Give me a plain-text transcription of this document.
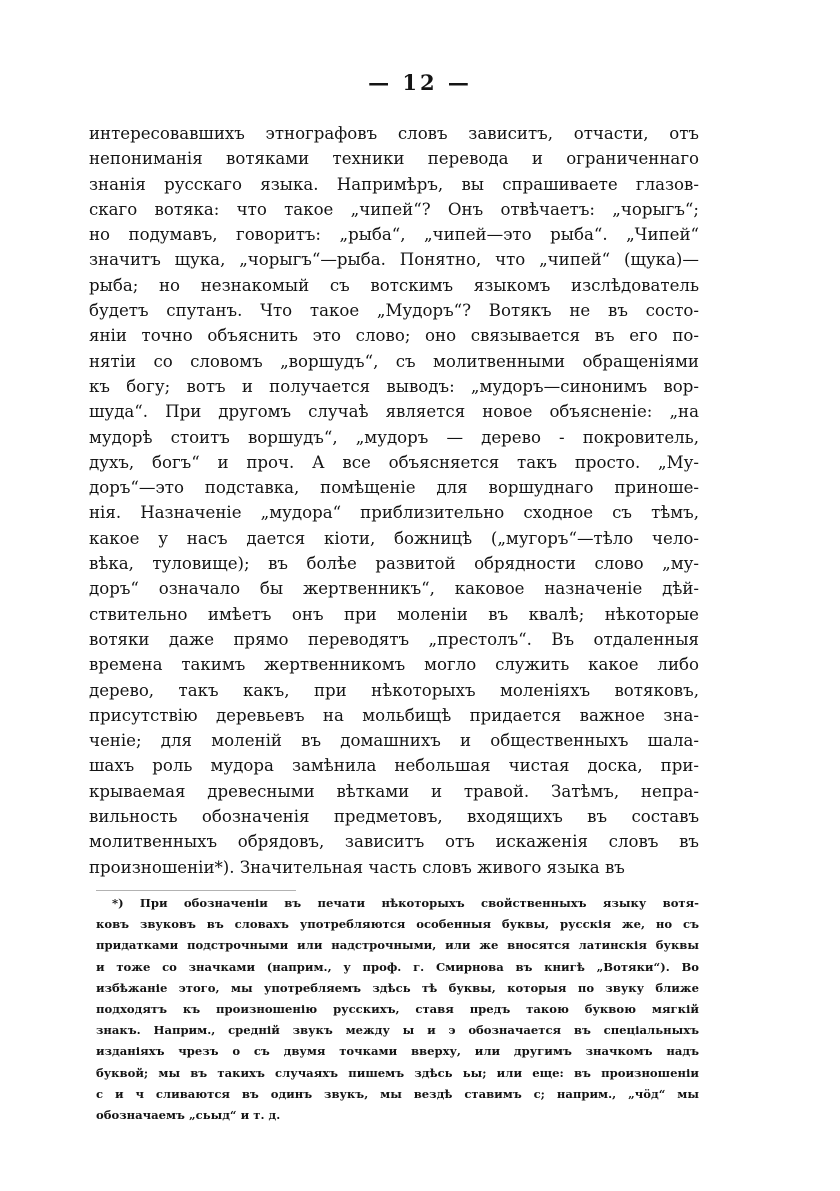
— 12 —
интересовавшихъ этнографовъ словъ зависитъ, отчасти, отъ
непониманія вотяками техники перевода и ограниченнаго
знанія русскаго языка. Напримѣръ, вы спрашиваете глазов-
скаго вотяка: что такое „чипей“? Онъ отвѣчаетъ: „чорыгъ“;
но подумавъ, говоритъ: „рыба“, „чипей—это рыба“. „Чипей“
значитъ щука, „чорыгъ“—рыба. Понятно, что „чипей“ (щука)—
рыба; но незнакомый съ вотскимъ языкомъ изслѣдователь
будетъ спутанъ. Что такое „Мудоръ“? Вотякъ не въ состо-
яніи точно объяснить это слово; оно связывается въ его по-
нятіи со словомъ „воршудъ“, съ молитвенными обращеніями
къ богу; вотъ и получается выводъ: „мудоръ—синонимъ вор-
шуда“. При другомъ случаѣ является новое объясненіе: „на
мудорѣ стоитъ воршудъ“, „мудоръ — дерево - покровитель,
духъ, богъ“ и проч. А все объясняется такъ просто. „Му-
доръ“—это подставка, помѣщеніе для воршуднаго приноше-
нія. Назначеніе „мудора“ приблизительно сходное съ тѣмъ,
какое у насъ дается кіоти, божницѣ („мугоръ“—тѣло чело-
вѣка, туловище); въ болѣе развитой обрядности слово „му-
доръ“ означало бы жертвенникъ“, каковое назначеніе дѣй-
ствительно имѣетъ онъ при моленіи въ квалѣ; нѣкоторые
вотяки даже прямо переводятъ „престолъ“. Въ отдаленныя
времена такимъ жертвенникомъ могло служить какое либо
дерево, такъ какъ, при нѣкоторыхъ моленіяхъ вотяковъ,
присутствію деревьевъ на мольбищѣ придается важное зна-
ченіе; для моленій въ домашнихъ и общественныхъ шала-
шахъ роль мудора замѣнила небольшая чистая доска, при-
крываемая древесными вѣтками и травой. Затѣмъ, непра-
вильность обозначенія предметовъ, входящихъ въ составъ
молитвенныхъ обрядовъ, зависитъ отъ искаженія словъ въ
произношеніи*). Значительная часть словъ живого языка въ
*) При обозначеніи въ печати нѣкоторыхъ свойственныхъ языку вотя-
ковъ звуковъ въ словахъ употребляются особенныя буквы, русскія же, но съ
придатками подстрочными или надстрочными, или же вносятся латинскія буквы
и тоже со значками (наприм., у проф. г. Смирнова въ книгѣ „Вотяки“). Во
избѣжаніе этого, мы употребляемъ здѣсь тѣ буквы, которыя по звуку ближе
подходятъ къ произношенію русскихъ, ставя предъ такою буквою мягкій
знакъ. Наприм., средній звукъ между ы и э обозначается въ спеціальныхъ
изданіяхъ чрезъ о съ двумя точками вверху, или другимъ значкомъ надъ
буквой; мы въ такихъ случаяхъ пишемъ здѣсь ьы; или еще: въ произношеніи
с и ч сливаются въ одинъ звукъ, мы вездѣ ставимъ с; наприм., „чöд“ мы
обозначаемъ „сьыд“ и т. д.
